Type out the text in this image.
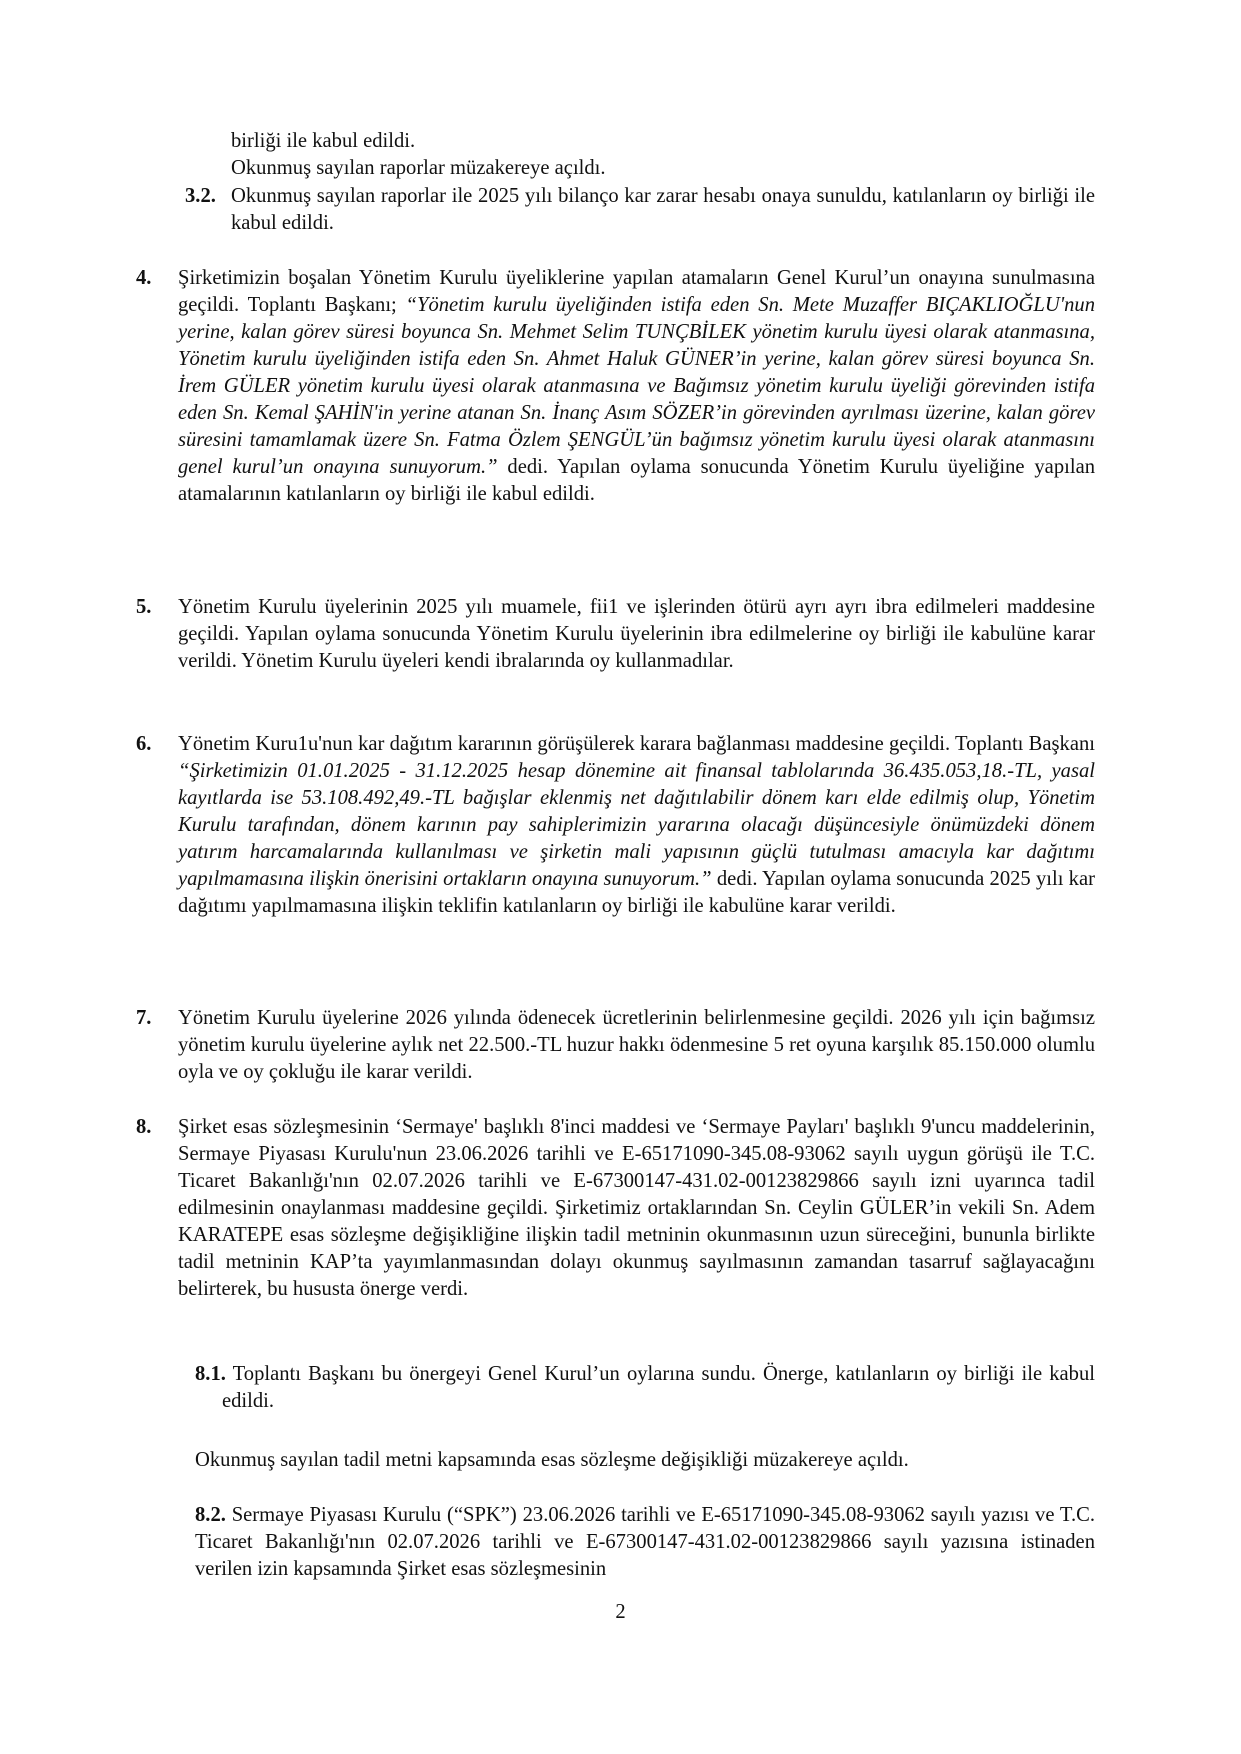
birliği ile kabul edildi.

Okunmuş sayılan raporlar müzakereye açıldı.

3.2. Okunmuş sayılan raporlar ile 2025 yılı bilanço kar zarar hesabı onaya sunuldu, katılanların oy birliği ile kabul edildi.

4. Şirketimizin boşalan Yönetim Kurulu üyeliklerine yapılan atamaların Genel Kurul’un onayına sunulmasına geçildi. Toplantı Başkanı; “Yönetim kurulu üyeliğinden istifa eden Sn. Mete Muzaffer BIÇAKLIOĞLU'nun yerine, kalan görev süresi boyunca Sn. Mehmet Selim TUNÇBİLEK yönetim kurulu üyesi olarak atanmasına, Yönetim kurulu üyeliğinden istifa eden Sn. Ahmet Haluk GÜNER’in yerine, kalan görev süresi boyunca Sn. İrem GÜLER yönetim kurulu üyesi olarak atanmasına ve Bağımsız yönetim kurulu üyeliği görevinden istifa eden Sn. Kemal ŞAHİN'in yerine atanan Sn. İnanç Asım SÖZER’in görevinden ayrılması üzerine, kalan görev süresini tamamlamak üzere Sn. Fatma Özlem ŞENGÜL’ün bağımsız yönetim kurulu üyesi olarak atanmasını genel kurul’un onayına sunuyorum.” dedi. Yapılan oylama sonucunda Yönetim Kurulu üyeliğine yapılan atamalarının katılanların oy birliği ile kabul edildi.

5. Yönetim Kurulu üyelerinin 2025 yılı muamele, fii1 ve işlerinden ötürü ayrı ayrı ibra edilmeleri maddesine geçildi. Yapılan oylama sonucunda Yönetim Kurulu üyelerinin ibra edilmelerine oy birliği ile kabulüne karar verildi. Yönetim Kurulu üyeleri kendi ibralarında oy kullanmadılar.

6. Yönetim Kuru1u'nun kar dağıtım kararının görüşülerek karara bağlanması maddesine geçildi. Toplantı Başkanı “Şirketimizin 01.01.2025 - 31.12.2025 hesap dönemine ait finansal tablolarında 36.435.053,18.-TL, yasal kayıtlarda ise 53.108.492,49.-TL bağışlar eklenmiş net dağıtılabilir dönem karı elde edilmiş olup, Yönetim Kurulu tarafından, dönem karının pay sahiplerimizin yararına olacağı düşüncesiyle önümüzdeki dönem yatırım harcamalarında kullanılması ve şirketin mali yapısının güçlü tutulması amacıyla kar dağıtımı yapılmamasına ilişkin önerisini ortakların onayına sunuyorum.” dedi. Yapılan oylama sonucunda 2025 yılı kar dağıtımı yapılmamasına ilişkin teklifin katılanların oy birliği ile kabulüne karar verildi.

7. Yönetim Kurulu üyelerine 2026 yılında ödenecek ücretlerinin belirlenmesine geçildi. 2026 yılı için bağımsız yönetim kurulu üyelerine aylık net 22.500.-TL huzur hakkı ödenmesine 5 ret oyuna karşılık 85.150.000 olumlu oyla ve oy çokluğu ile karar verildi.

8. Şirket esas sözleşmesinin ‘Sermaye' başlıklı 8'inci maddesi ve ‘Sermaye Payları' başlıklı 9'uncu maddelerinin, Sermaye Piyasası Kurulu'nun 23.06.2026 tarihli ve E-65171090-345.08-93062 sayılı uygun görüşü ile T.C. Ticaret Bakanlığı'nın 02.07.2026 tarihli ve E-67300147-431.02-00123829866 sayılı izni uyarınca tadil edilmesinin onaylanması maddesine geçildi. Şirketimiz ortaklarından Sn. Ceylin GÜLER’in vekili Sn. Adem KARATEPE esas sözleşme değişikliğine ilişkin tadil metninin okunmasının uzun süreceğini, bununla birlikte tadil metninin KAP’ta yayımlanmasından dolayı okunmuş sayılmasının zamandan tasarruf sağlayacağını belirterek, bu hususta önerge verdi.

8.1. Toplantı Başkanı bu önergeyi Genel Kurul’un oylarına sundu. Önerge, katılanların oy birliği ile kabul edildi.

Okunmuş sayılan tadil metni kapsamında esas sözleşme değişikliği müzakereye açıldı.

8.2. Sermaye Piyasası Kurulu (“SPK”) 23.06.2026 tarihli ve E-65171090-345.08-93062 sayılı yazısı ve T.C. Ticaret Bakanlığı'nın 02.07.2026 tarihli ve E-67300147-431.02-00123829866 sayılı yazısına istinaden verilen izin kapsamında Şirket esas sözleşmesinin

2
